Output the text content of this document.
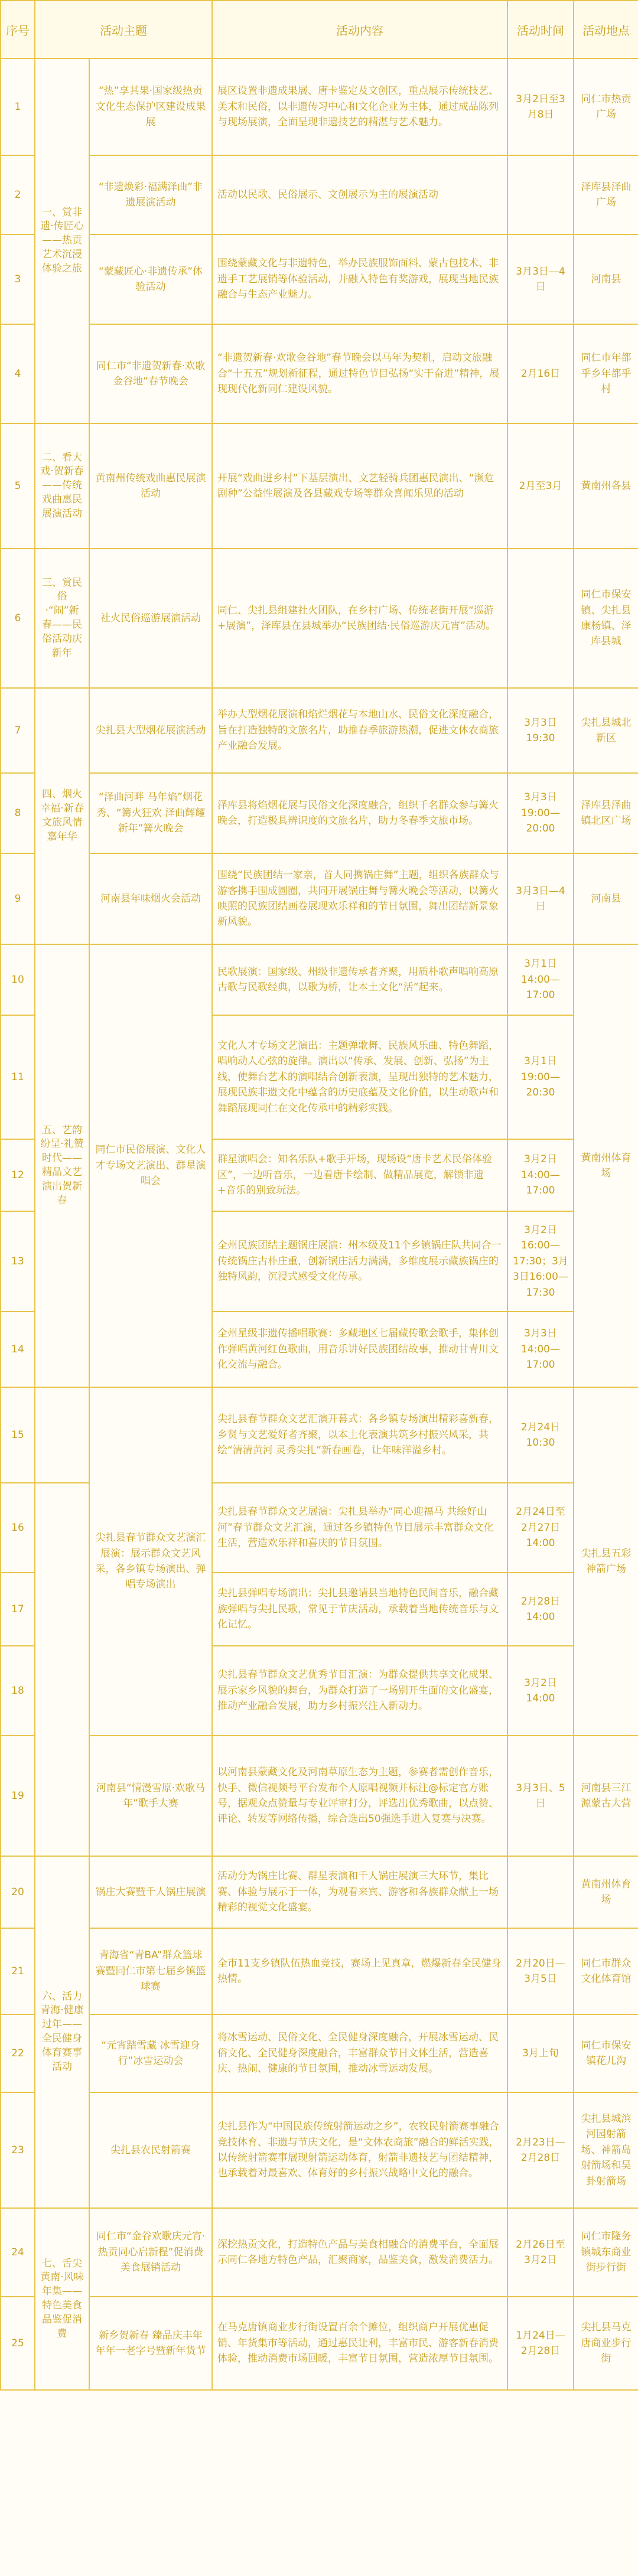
序号	活动主题		活动内容	活动时间	活动地点
1	一、赏非遗·传匠心——热贡艺术沉浸体验之旅	“热”享其果·国家级热贡文化生态保护区建设成果展	展区设置非遗成果展、唐卡鉴定及文创区，重点展示传统技艺、美术和民俗，以非遗传习中心和文化企业为主体，通过成品陈列与现场展演，全面呈现非遗技艺的精湛与艺术魅力。	3月2日至3月8日	同仁市热贡广场
2		“非遗焕彩·福满泽曲”非遗展演活动	活动以民歌、民俗展示、文创展示为主的展演活动		泽库县泽曲广场
3		“蒙藏匠心·非遗传承”体验活动	围绕蒙藏文化与非遗特色，举办民族服饰面料、蒙古包技术、非遗手工艺展销等体验活动，并融入特色有奖游戏，展现当地民族融合与生态产业魅力。	3月3日—4日	河南县
4		同仁市“非遗贺新春·欢歌金谷地”春节晚会	“非遗贺新春·欢歌金谷地”春节晚会以马年为契机，启动文旅融合“十五五”规划新征程，通过特色节目弘扬“实干奋进”精神，展现现代化新同仁建设风貌。	2月16日	同仁市年都乎乡年都乎村
5	二、看大戏·贺新春——传统戏曲惠民展演活动	黄南州传统戏曲惠民展演活动	开展“戏曲进乡村”下基层演出、文艺轻骑兵团惠民演出、“濒危剧种”公益性展演及各县藏戏专场等群众喜闻乐见的活动	2月至3月	黄南州各县
6	三、赏民俗·“闹”新春——民俗活动庆新年	社火民俗巡游展演活动	同仁、尖扎县组建社火团队，在乡村广场、传统老街开展“巡游+展演”，泽库县在县城举办“民族团结·民俗巡游庆元宵”活动。		同仁市保安镇、尖扎县康杨镇、泽库县城
7	四、烟火幸福·新春文旅风情嘉年华	尖扎县大型烟花展演活动	举办大型烟花展演和焰烂烟花与本地山水、民俗文化深度融合，旨在打造独特的文旅名片，助推春季旅游热潮，促进文体农商旅产业融合发展。	3月3日 19:30	尖扎县城北新区
8		“泽曲河畔 马年焰”烟花秀、“篝火狂欢 泽曲辉耀新年”篝火晚会	泽库县将焰烟花展与民俗文化深度融合，组织千名群众参与篝火晚会，打造极具辨识度的文旅名片，助力冬春季文旅市场。	3月3日19:00—20:00	泽库县泽曲镇北区广场
9		河南县年味烟火会活动	围绕“民族团结一家亲，首人同携锅庄舞”主题，组织各族群众与游客携手围成圆圈，共同开展锅庄舞与篝火晚会等活动，以篝火映照的民族团结画卷展现欢乐祥和的节日氛围，舞出团结新景象新风貌。	3月3日—4日	河南县
10	五、艺韵纷呈·礼赞时代——精品文艺演出贺新春	同仁市民俗展演、文化人才专场文艺演出、群星演唱会	民歌展演：国家级、州级非遗传承者齐聚，用质朴歌声唱响高原古歌与民歌经典，以歌为桥，让本土文化“活”起来。	3月1日14:00—17:00	黄南州体育场
11			文化人才专场文艺演出：主题弹歌舞、民族风乐曲、特色舞蹈，唱响动人心弦的旋律。演出以“传承、发展、创新、弘扬”为主线，使舞台艺术的演唱结合创新表演，呈现出独特的艺术魅力，展现民族非遗文化中蕴含的历史底蕴及文化价值，以生动歌声和舞蹈展现同仁在文化传承中的精彩实践。	3月1日19:00—20:30	
12			群星演唱会：知名乐队+歌手开场，现场设“唐卡艺术民俗体验区”，一边听音乐，一边看唐卡绘制、做精品展览，解锁非遗+音乐的别致玩法。	3月2日14:00—17:00	
13			全州民族团结主题锅庄展演：州本级及11个乡镇锅庄队共同合一传统锅庄古朴庄重，创新锅庄活力满满，多维度展示藏族锅庄的独特风韵，沉浸式感受文化传承。	3月2日16:00—17:30；3月3日16:00—17:30	
14			全州星级非遗传播唱歌赛：多藏地区七届藏传歌会歌手，集体创作弹唱黄河红色歌曲，用音乐讲好民族团结故事，推动甘青川文化交流与融合。	3月3日14:00—17:00	
15		尖扎县春节群众文艺演汇展演：展示群众文艺风采，各乡镇专场演出、弹唱专场演出	尖扎县春节群众文艺汇演开幕式：各乡镇专场演出精彩喜新春，乡贤与文艺爱好者齐聚，以本土化表演共筑乡村振兴风采，共绘“清清黄河 灵秀尖扎”新春画卷，让年味洋溢乡村。	2月24日10:30	尖扎县五彩神箭广场
16			尖扎县春节群众文艺展演：尖扎县举办“同心迎福马 共绘好山河”春节群众文艺汇演，通过各乡镇特色节目展示丰富群众文化生活，营造欢乐祥和喜庆的节日氛围。	2月24日至2月27日14:00	
17			尖扎县弹唱专场演出：尖扎县邀请县当地特色民间音乐，融合藏族弹唱与尖扎民歌，常见于节庆活动，承载着当地传统音乐与文化记忆。	2月28日14:00	
18			尖扎县春节群众文艺优秀节目汇演：为群众提供共享文化成果、展示家乡风貌的舞台，为群众打造了一场别开生面的文化盛宴，推动产业融合发展，助力乡村振兴注入新动力。	3月2日14:00	
19		河南县“情漫雪原·欢歌马年”歌手大赛	以河南县蒙藏文化及河南草原生态为主题，参赛者需创作音乐，快手、微信视频号平台发布个人原唱视频并标注@标定官方账号，据观众点赞量与专业评审打分，评选出优秀歌曲，以点赞、评论、转发等网络传播，综合选出50强选手进入复赛与决赛。	3月3日、5日	河南县三江源蒙古大营
20	六、活力青海·健康过年——全民健身体育赛事活动	锅庄大赛暨千人锅庄展演	活动分为锅庄比赛、群星表演和千人锅庄展演三大环节，集比赛、体验与展示于一体，为观看来宾、游客和各族群众献上一场精彩的视觉文化盛宴。		黄南州体育场
21		青海省“青BA”群众篮球赛暨同仁市第七届乡镇篮球赛	全市11支乡镇队伍热血竞技，赛场上见真章，燃爆新春全民健身热情。	2月20日—3月5日	同仁市群众文化体育馆
22		“元宵踏雪藏 冰雪迎身行”冰雪运动会	将冰雪运动、民俗文化、全民健身深度融合，开展冰雪运动、民俗文化、全民健身深度融合，丰富群众节日文体生活，营造喜庆、热闹、健康的节日氛围，推动冰雪运动发展。	3月上旬	同仁市保安镇花儿沟
23		尖扎县农民射箭赛	尖扎县作为“中国民族传统射箭运动之乡”，农牧民射箭赛事融合竞技体育、非遗与节庆文化，是“文体农商旅”融合的鲜活实践，以传统射箭赛事展现射箭运动体育，射箭非遗技艺与团结精神，也承载着对最喜欢、体育好的乡村振兴战略中文化的融合。	2月23日—2月28日	尖扎县城滨河园射箭场、神箭岛射箭场和吴卦射箭场
24	七、舌尖黄南·风味年集——特色美食品鉴促消费	同仁市“金谷欢歌庆元宵·热贡同心启新程”促消费美食展销活动	深挖热贡文化，打造特色产品与美食相融合的消费平台，全面展示同仁各地方特色产品，汇聚商家，品鉴美食，激发消费活力。	2月26日至3月2日	同仁市隆务镇城东商业街步行街
25		新乡贺新春 臻品庆丰年年年一老字号暨新年货节	在马克唐镇商业步行街设置百余个摊位，组织商户开展优惠促销、年货集市等活动，通过惠民让利，丰富市民、游客新春消费体验，推动消费市场回暖，丰富节日氛围，营造浓厚节日氛围。	1月24日—2月28日	尖扎县马克唐商业步行街
